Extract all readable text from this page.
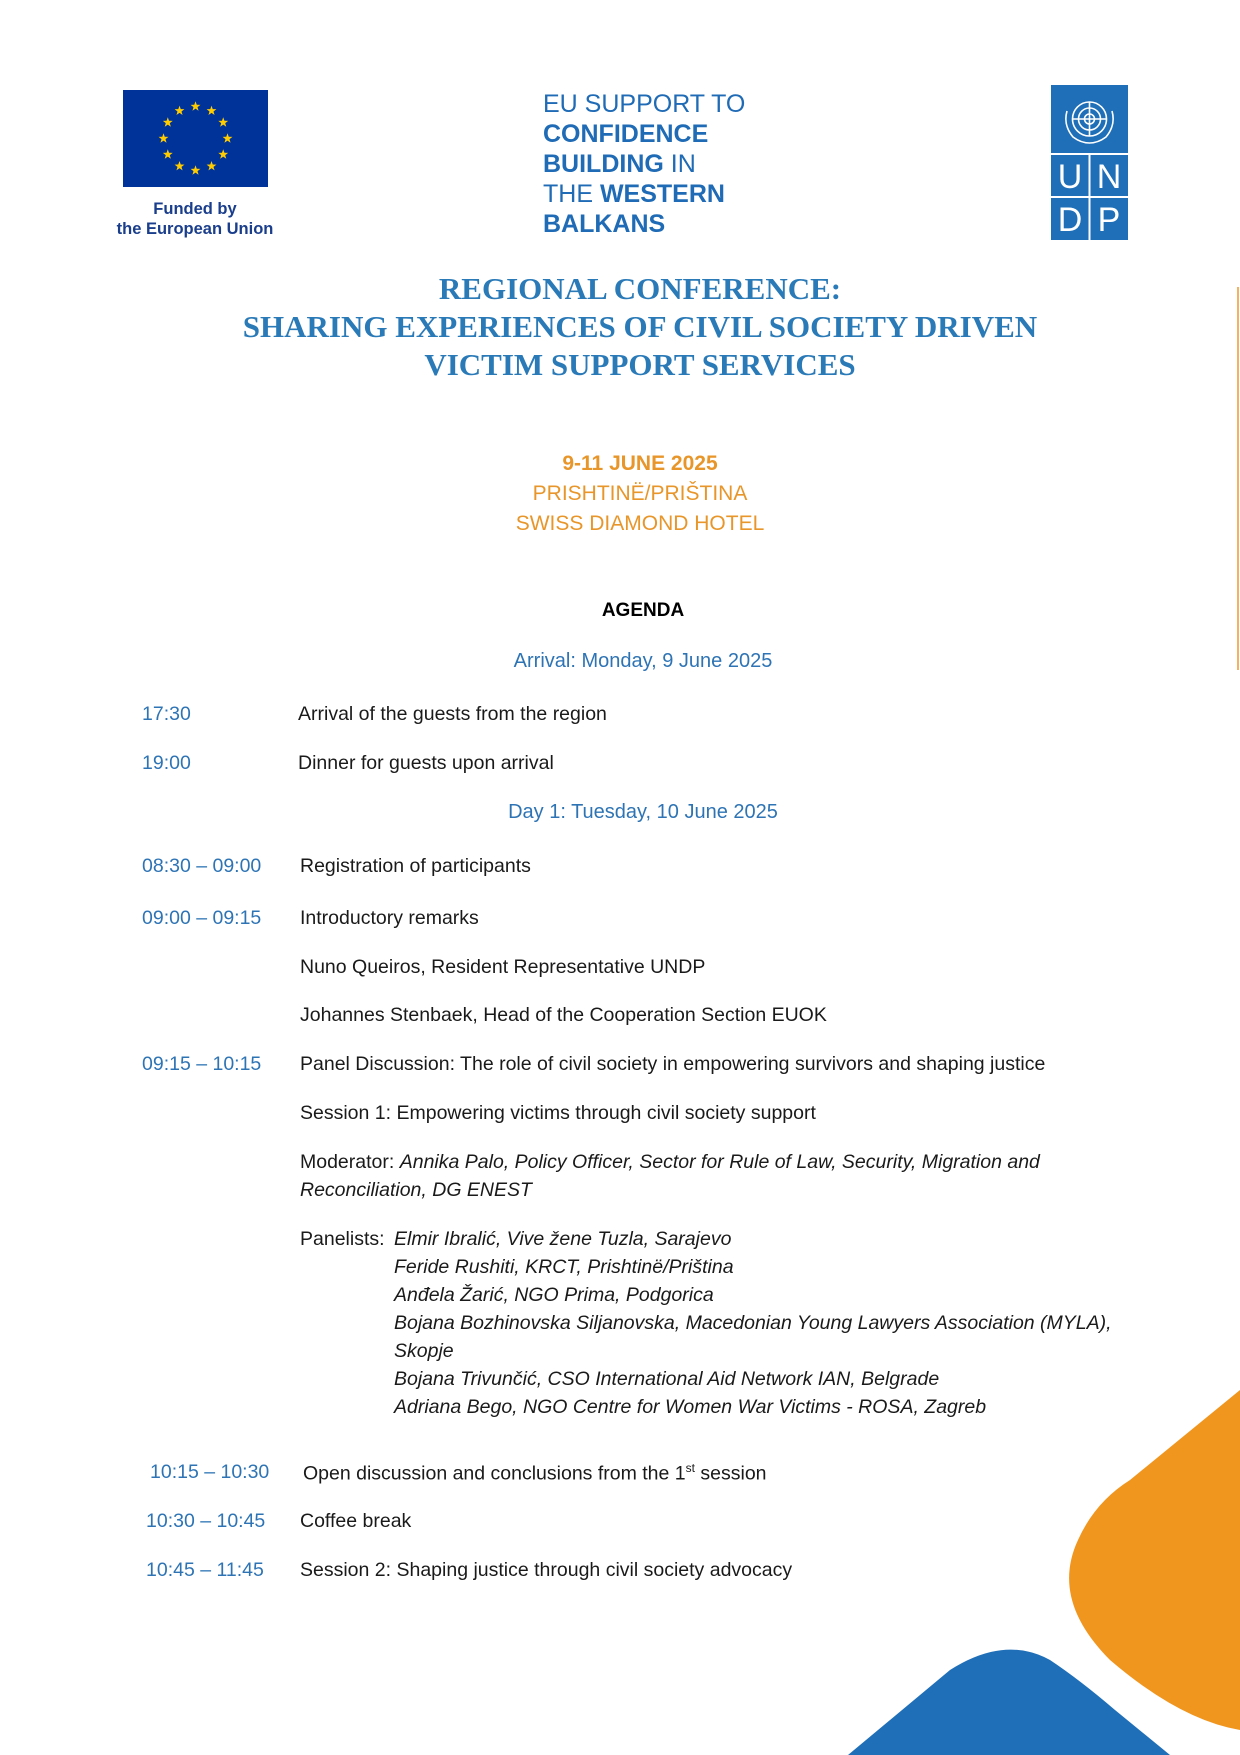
Funded by
the European Union
EU SUPPORT TO
CONFIDENCE
BUILDING IN
THE WESTERN
BALKANS
U N
D P
REGIONAL CONFERENCE:
SHARING EXPERIENCES OF CIVIL SOCIETY DRIVEN
VICTIM SUPPORT SERVICES
9-11 JUNE 2025
PRISHTINË/PRIŠTINA
SWISS DIAMOND HOTEL
AGENDA
Arrival: Monday, 9 June 2025
17:30	Arrival of the guests from the region
19:00	Dinner for guests upon arrival
Day 1: Tuesday, 10 June 2025
08:30 – 09:00 Registration of participants
09:00 – 09:15 Introductory remarks
Nuno Queiros, Resident Representative UNDP
Johannes Stenbaek, Head of the Cooperation Section EUOK
09:15 – 10:15 Panel Discussion: The role of civil society in empowering survivors and shaping justice
Session 1: Empowering victims through civil society support
Moderator: Annika Palo, Policy Officer, Sector for Rule of Law, Security, Migration and
Reconciliation, DG ENEST
Panelists: Elmir Ibralić, Vive žene Tuzla, Sarajevo
Feride Rushiti, KRCT, Prishtinë/Priština
Anđela Žarić, NGO Prima, Podgorica
Bojana Bozhinovska Siljanovska, Macedonian Young Lawyers Association (MYLA),
Skopje
Bojana Trivunčić, CSO International Aid Network IAN, Belgrade
Adriana Bego, NGO Centre for Women War Victims - ROSA, Zagreb
10:15 – 10:30 Open discussion and conclusions from the 1st session
10:30 – 10:45 Coffee break
10:45 – 11:45 Session 2: Shaping justice through civil society advocacy
